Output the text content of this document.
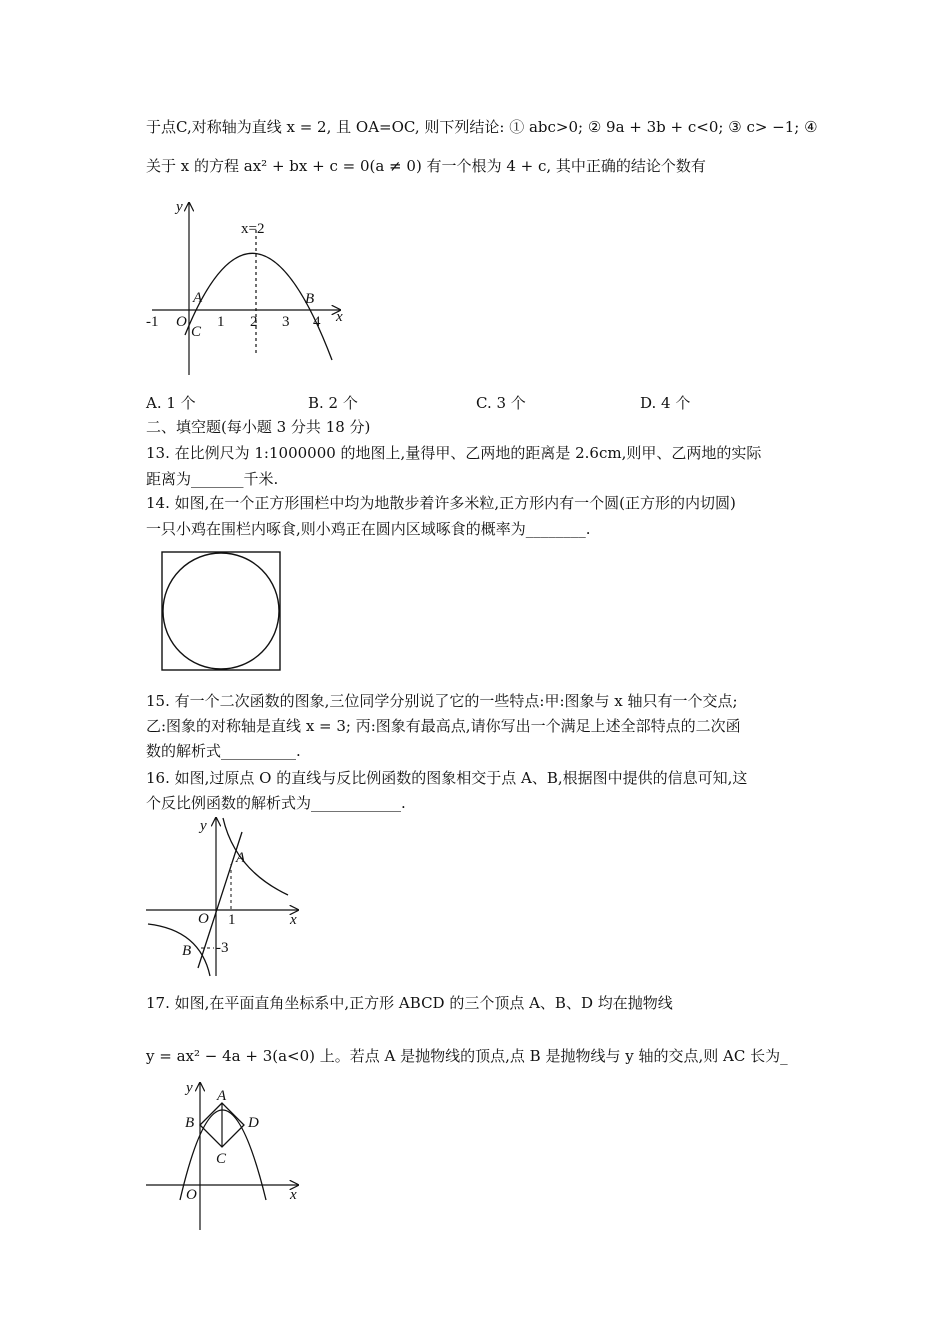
于点C,对称轴为直线 x = 2, 且 OA=OC, 则下列结论: ① abc>0; ② 9a + 3b + c<0; ③ c> −1; ④
关于 x 的方程 ax² + bx + c = 0(a ≠ 0) 有一个根为 4 + c, 其中正确的结论个数有
y
x
x=2
A	B
C
O
-1	1 2 3 4
A. 1 个	B. 2 个	C. 3 个	D. 4 个
二、填空题(每小题 3 分共 18 分)
13. 在比例尺为 1:1000000 的地图上,量得甲、乙两地的距离是 2.6cm,则甲、乙两地的实际
距离为_______千米.
14. 如图,在一个正方形围栏中均为地散步着许多米粒,正方形内有一个圆(正方形的内切圆)
一只小鸡在围栏内啄食,则小鸡正在圆内区域啄食的概率为________.
15. 有一个二次函数的图象,三位同学分别说了它的一些特点:甲:图象与 x 轴只有一个交点;
乙:图象的对称轴是直线 x = 3; 丙:图象有最高点,请你写出一个满足上述全部特点的二次函
数的解析式__________.
16. 如图,过原点 O 的直线与反比例函数的图象相交于点 A、B,根据图中提供的信息可知,这
个反比例函数的解析式为____________.
y
x
A
B
O 1
-3
17. 如图,在平面直角坐标系中,正方形 ABCD 的三个顶点 A、B、D 均在抛物线
y = ax² − 4a + 3(a<0) 上。若点 A 是抛物线的顶点,点 B 是抛物线与 y 轴的交点,则 AC 长为_
y
x
A
B
C
D
O
